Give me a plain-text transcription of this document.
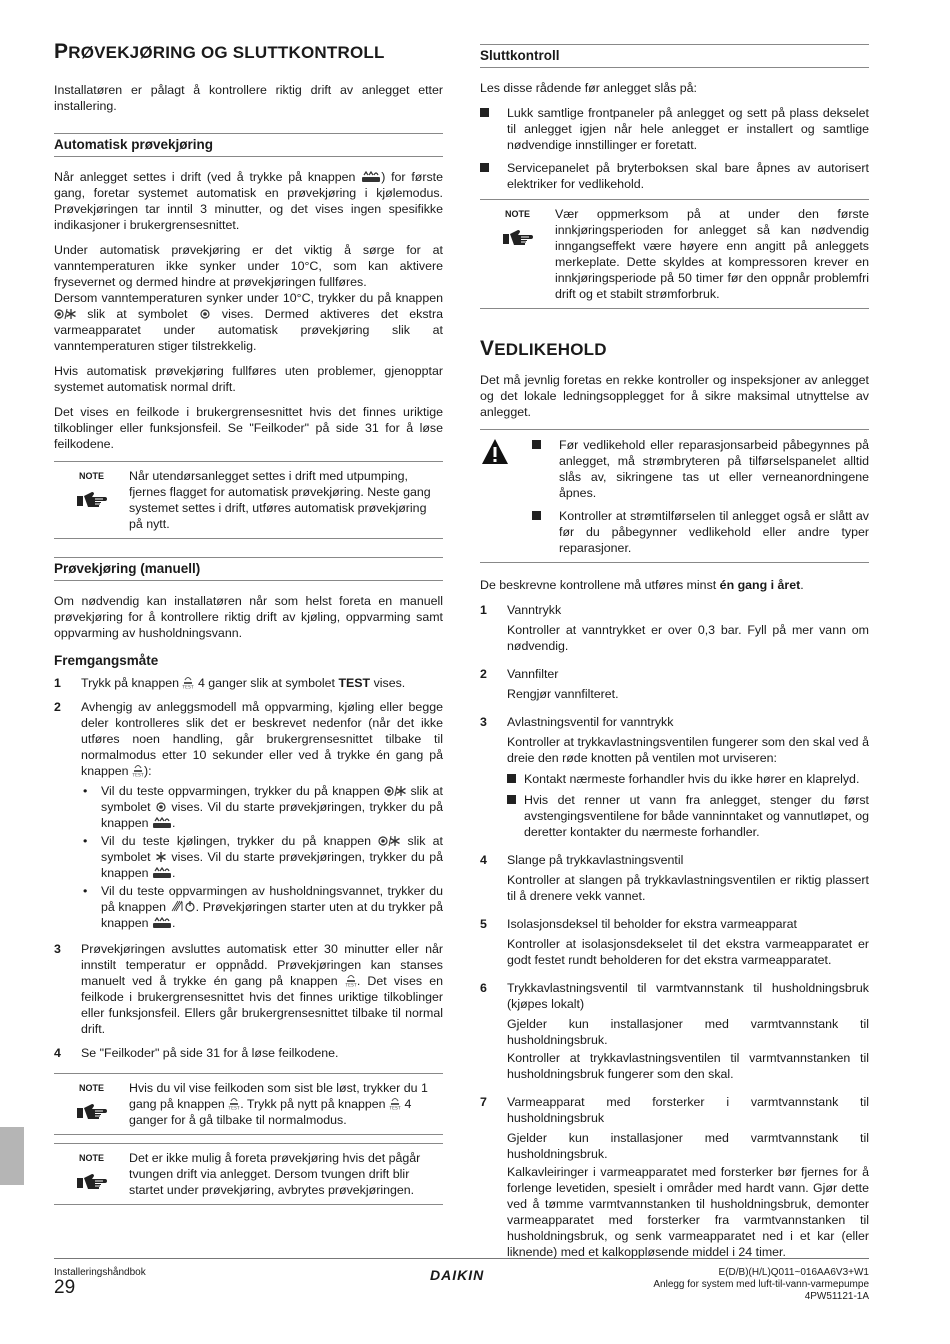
PRØVEKJØRING OG SLUTTKONTROLL

Installatøren er pålagt å kontrollere riktig drift av anlegget etter installering.

Automatisk prøvekjøring

Når anlegget settes i drift (ved å trykke på knappen ) for første gang, foretar systemet automatisk en prøvekjøring i kjølemodus. Prøvekjøringen tar inntil 3 minutter, og det vises ingen spesifikke indikasjoner i brukergrensesnittet.

Under automatisk prøvekjøring er det viktig å sørge for at vanntemperaturen ikke synker under 10°C, som kan aktivere frysevernet og dermed hindre at prøvekjøringen fullføres.

Dersom vanntemperaturen synker under 10°C, trykker du på knappen  slik at symbolet	vises. Dermed aktiveres det ekstra varmeapparatet under automatisk prøvekjøring slik at vanntemperaturen stiger tilstrekkelig.

Hvis automatisk prøvekjøring fullføres uten problemer, gjenopptar systemet automatisk normal drift.

Det vises en feilkode i brukergrensesnittet hvis det finnes uriktige tilkoblinger eller funksjonsfeil. Se "Feilkoder" på side 31 for å løse feilkodene.

NOTE	Når utendørsanlegget settes i drift med utpumping, fjernes flagget for automatisk prøvekjøring. Neste gang systemet settes i drift, utføres automatisk prøvekjøring på nytt.
Prøvekjøring (manuell)

Om nødvendig kan installatøren når som helst foreta en manuell prøvekjøring for å kontrollere riktig drift av kjøling, oppvarming samt oppvarming av husholdningsvann.

Fremgangsmåte
1	Trykk på knappen 4 ganger slik at symbolet TEST vises.
2	Avhengig av anleggsmodell må oppvarming, kjøling eller begge deler kontrolleres slik det er beskrevet nedenfor (når det ikke utføres noen handling, går brukergrensesnittet tilbake til normalmodus etter 10 sekunder eller ved å trykke én gang på knappen ):

•	Vil du teste oppvarmingen, trykker du på knappen slik at symbolet vises. Vil du starte prøvekjøringen, trykker du på knappen .
•	Vil du teste kjølingen, trykker du på knappen	slik at symbolet vises. Vil du starte prøvekjøringen, trykker du på knappen .
•	Vil du teste oppvarmingen av husholdningsvannet, trykker du på knappen . Prøvekjøringen starter uten at du trykker på knappen .
3	Prøvekjøringen avsluttes automatisk etter 30 minutter eller når innstilt temperatur er oppnådd. Prøvekjøringen kan stanses manuelt ved å trykke én gang på knappen . Det vises en feilkode i brukergrensesnittet hvis det finnes uriktige tilkoblinger eller funksjonsfeil. Ellers går brukergrensesnittet tilbake til normal drift.
4	Se "Feilkoder" på side 31 for å løse feilkodene.
NOTE	Hvis du vil vise feilkoden som sist ble løst, trykker du 1 gang på knappen . Trykk på nytt på knappen 4 ganger for å gå tilbake til normalmodus.
NOTE	Det er ikke mulig å foreta prøvekjøring hvis det pågår tvungen drift via anlegget. Dersom tvungen drift blir startet under prøvekjøring, avbrytes prøvekjøringen.
Sluttkontroll

Les disse rådende før anlegget slås på:

Lukk samtlige frontpaneler på anlegget og sett på plass dekselet til anlegget igjen når hele anlegget er installert og samtlige nødvendige innstillinger er foretatt.
Servicepanelet på bryterboksen skal bare åpnes av autorisert elektriker for vedlikehold.
NOTE	Vær oppmerksom på at under den første innkjøringsperioden for anlegget så kan nødvendig inngangseffekt være høyere enn angitt på anleggets merkeplate. Dette skyldes at kompressoren krever en innkjøringsperiode på 50 timer før den oppnår problemfri drift og et stabilt strømforbruk.
VEDLIKEHOLD

Det må jevnlig foretas en rekke kontroller og inspeksjoner av anlegget og det lokale ledningsopplegget for å sikre maksimal utnyttelse av anlegget.

Før vedlikehold eller reparasjonsarbeid påbegynnes på anlegget, må strømbryteren på tilførselspanelet alltid slås av, sikringene tas ut eller verneanordningene åpnes.
Kontroller at strømtilførselen til anlegget også er slått av før du påbegynner vedlikehold eller andre typer reparasjoner.

De beskrevne kontrollene må utføres minst én gang i året.

1	Vanntrykk

Kontroller at vanntrykket er over 0,3 bar. Fyll på mer vann om nødvendig.

2	Vannfilter

Rengjør vannfilteret.

3	Avlastningsventil for vanntrykk

Kontroller at trykkavlastningsventilen fungerer som den skal ved å dreie den røde knotten på ventilen mot urviseren:

Kontakt nærmeste forhandler hvis du ikke hører en klaprelyd.
Hvis det renner ut vann fra anlegget, stenger du først avstengingsventilene for både vanninntaket og vannutløpet, og deretter kontakter du nærmeste forhandler.
4	Slange på trykkavlastningsventil

Kontroller at slangen på trykkavlastningsventilen er riktig plassert til å drenere vekk vannet.

5	Isolasjonsdeksel til beholder for ekstra varmeapparat

Kontroller at isolasjonsdekselet til det ekstra varmeapparatet er godt festet rundt beholderen for det ekstra varmeapparatet.

6	Trykkavlastningsventil til varmtvannstank til husholdningsbruk (kjøpes lokalt)

Gjelder kun installasjoner med varmtvannstank til husholdningsbruk.

Kontroller at trykkavlastningsventilen til varmtvannstanken til husholdningsbruk fungerer som den skal.

7	Varmeapparat med forsterker i varmtvannstank til husholdningsbruk

Gjelder kun installasjoner med varmtvannstank til husholdningsbruk.

Kalkavleiringer i varmeapparatet med forsterker bør fjernes for å forlenge levetiden, spesielt i områder med hardt vann. Gjør dette ved å tømme varmtvannstanken til husholdningsbruk, demonter varmeapparatet med forsterker fra varmtvannstanken til husholdningsbruk, og senk varmeapparatet ned i et kar (eller liknende) med et kalkoppløsende middel i 24 timer.

Installeringshåndbok
29
DAIKIN	E(D/B)(H/L)Q011~016AA6V3+W1
Anlegg for system med luft-til-vann-varmepumpe
4PW51121-1A
